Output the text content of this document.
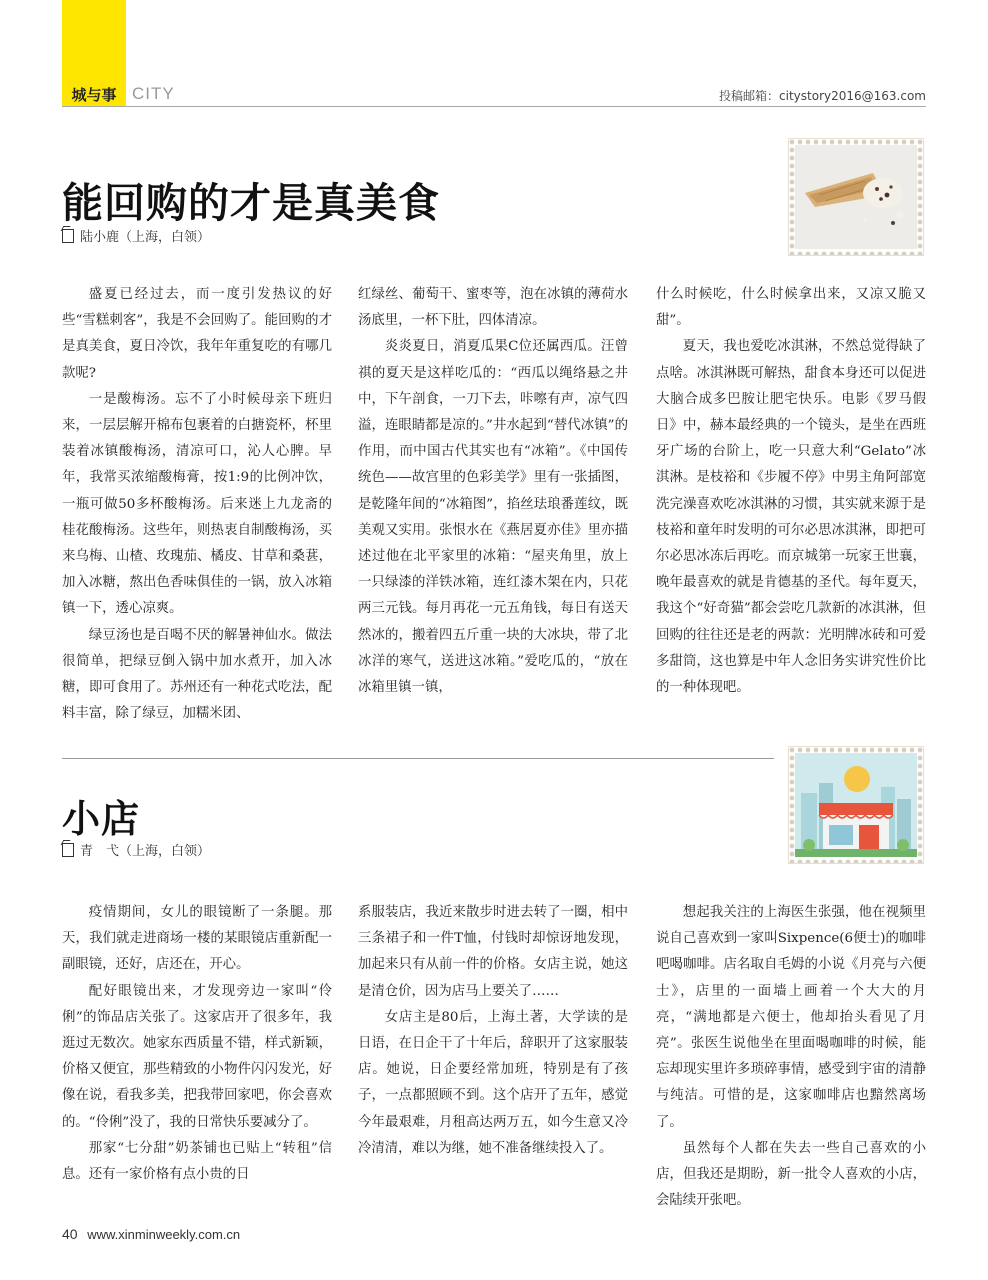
城与事 CITY	投稿邮箱：citystory2016@163.com
能回购的才是真美食
陆小鹿（上海，白领）

盛夏已经过去，而一度引发热议的好些“雪糕刺客”，我是不会回购了。能回购的才是真美食，夏日冷饮，我年年重复吃的有哪几款呢?

一是酸梅汤。忘不了小时候母亲下班归来，一层层解开棉布包裹着的白搪瓷杯，杯里装着冰镇酸梅汤，清凉可口，沁人心脾。早年，我常买浓缩酸梅膏，按1:9的比例冲饮，一瓶可做50多杯酸梅汤。后来迷上九龙斋的桂花酸梅汤。这些年，则热衷自制酸梅汤，买来乌梅、山楂、玫瑰茄、橘皮、甘草和桑葚，加入冰糖，熬出色香味俱佳的一锅，放入冰箱镇一下，透心凉爽。

绿豆汤也是百喝不厌的解暑神仙水。做法很简单，把绿豆倒入锅中加水煮开，加入冰糖，即可食用了。苏州还有一种花式吃法，配料丰富，除了绿豆，加糯米团、

红绿丝、葡萄干、蜜枣等，泡在冰镇的薄荷水汤底里，一杯下肚，四体清凉。

炎炎夏日，消夏瓜果C位还属西瓜。汪曾祺的夏天是这样吃瓜的：“西瓜以绳络悬之井中，下午剖食，一刀下去，咔嚓有声，凉气四溢，连眼睛都是凉的。”井水起到“替代冰镇”的作用，而中国古代其实也有“冰箱”。《中国传统色——故宫里的色彩美学》里有一张插图，是乾隆年间的“冰箱图”，掐丝珐琅番莲纹，既美观又实用。张恨水在《燕居夏亦佳》里亦描述过他在北平家里的冰箱：“屋夹角里，放上一只绿漆的洋铁冰箱，连红漆木架在内，只花两三元钱。每月再花一元五角钱，每日有送天然冰的，搬着四五斤重一块的大冰块，带了北冰洋的寒气，送进这冰箱。”爱吃瓜的，“放在冰箱里镇一镇，

什么时候吃，什么时候拿出来，又凉又脆又甜”。

夏天，我也爱吃冰淇淋，不然总觉得缺了点啥。冰淇淋既可解热，甜食本身还可以促进大脑合成多巴胺让肥宅快乐。电影《罗马假日》中，赫本最经典的一个镜头，是坐在西班牙广场的台阶上，吃一只意大利“Gelato”冰淇淋。是枝裕和《步履不停》中男主角阿部宽洗完澡喜欢吃冰淇淋的习惯，其实就来源于是枝裕和童年时发明的可尔必思冰淇淋，即把可尔必思冰冻后再吃。而京城第一玩家王世襄，晚年最喜欢的就是肯德基的圣代。每年夏天，我这个“好奇猫”都会尝吃几款新的冰淇淋，但回购的往往还是老的两款：光明牌冰砖和可爱多甜筒，这也算是中年人念旧务实讲究性价比的一种体现吧。

小店
青　弋（上海，白领）

疫情期间，女儿的眼镜断了一条腿。那天，我们就走进商场一楼的某眼镜店重新配一副眼镜，还好，店还在，开心。

配好眼镜出来，才发现旁边一家叫“伶俐”的饰品店关张了。这家店开了很多年，我逛过无数次。她家东西质量不错，样式新颖，价格又便宜，那些精致的小物件闪闪发光，好像在说，看我多美，把我带回家吧，你会喜欢的。“伶俐”没了，我的日常快乐要减分了。

那家“七分甜”奶茶铺也已贴上“转租”信息。还有一家价格有点小贵的日

系服装店，我近来散步时进去转了一圈，相中三条裙子和一件T恤，付钱时却惊讶地发现，加起来只有从前一件的价格。女店主说，她这是清仓价，因为店马上要关了……

女店主是80后，上海土著，大学读的是日语，在日企干了十年后，辞职开了这家服装店。她说，日企要经常加班，特别是有了孩子，一点都照顾不到。这个店开了五年，感觉今年最艰难，月租高达两万五，如今生意又冷冷清清，难以为继，她不准备继续投入了。

想起我关注的上海医生张强，他在视频里说自己喜欢到一家叫Sixpence(6便士)的咖啡吧喝咖啡。店名取自毛姆的小说《月亮与六便士》，店里的一面墙上画着一个大大的月亮，“满地都是六便士，他却抬头看见了月亮”。张医生说他坐在里面喝咖啡的时候，能忘却现实里许多琐碎事情，感受到宇宙的清静与纯洁。可惜的是，这家咖啡店也黯然离场了。

虽然每个人都在失去一些自己喜欢的小店，但我还是期盼，新一批令人喜欢的小店，会陆续开张吧。

40 www.xinminweekly.com.cn
